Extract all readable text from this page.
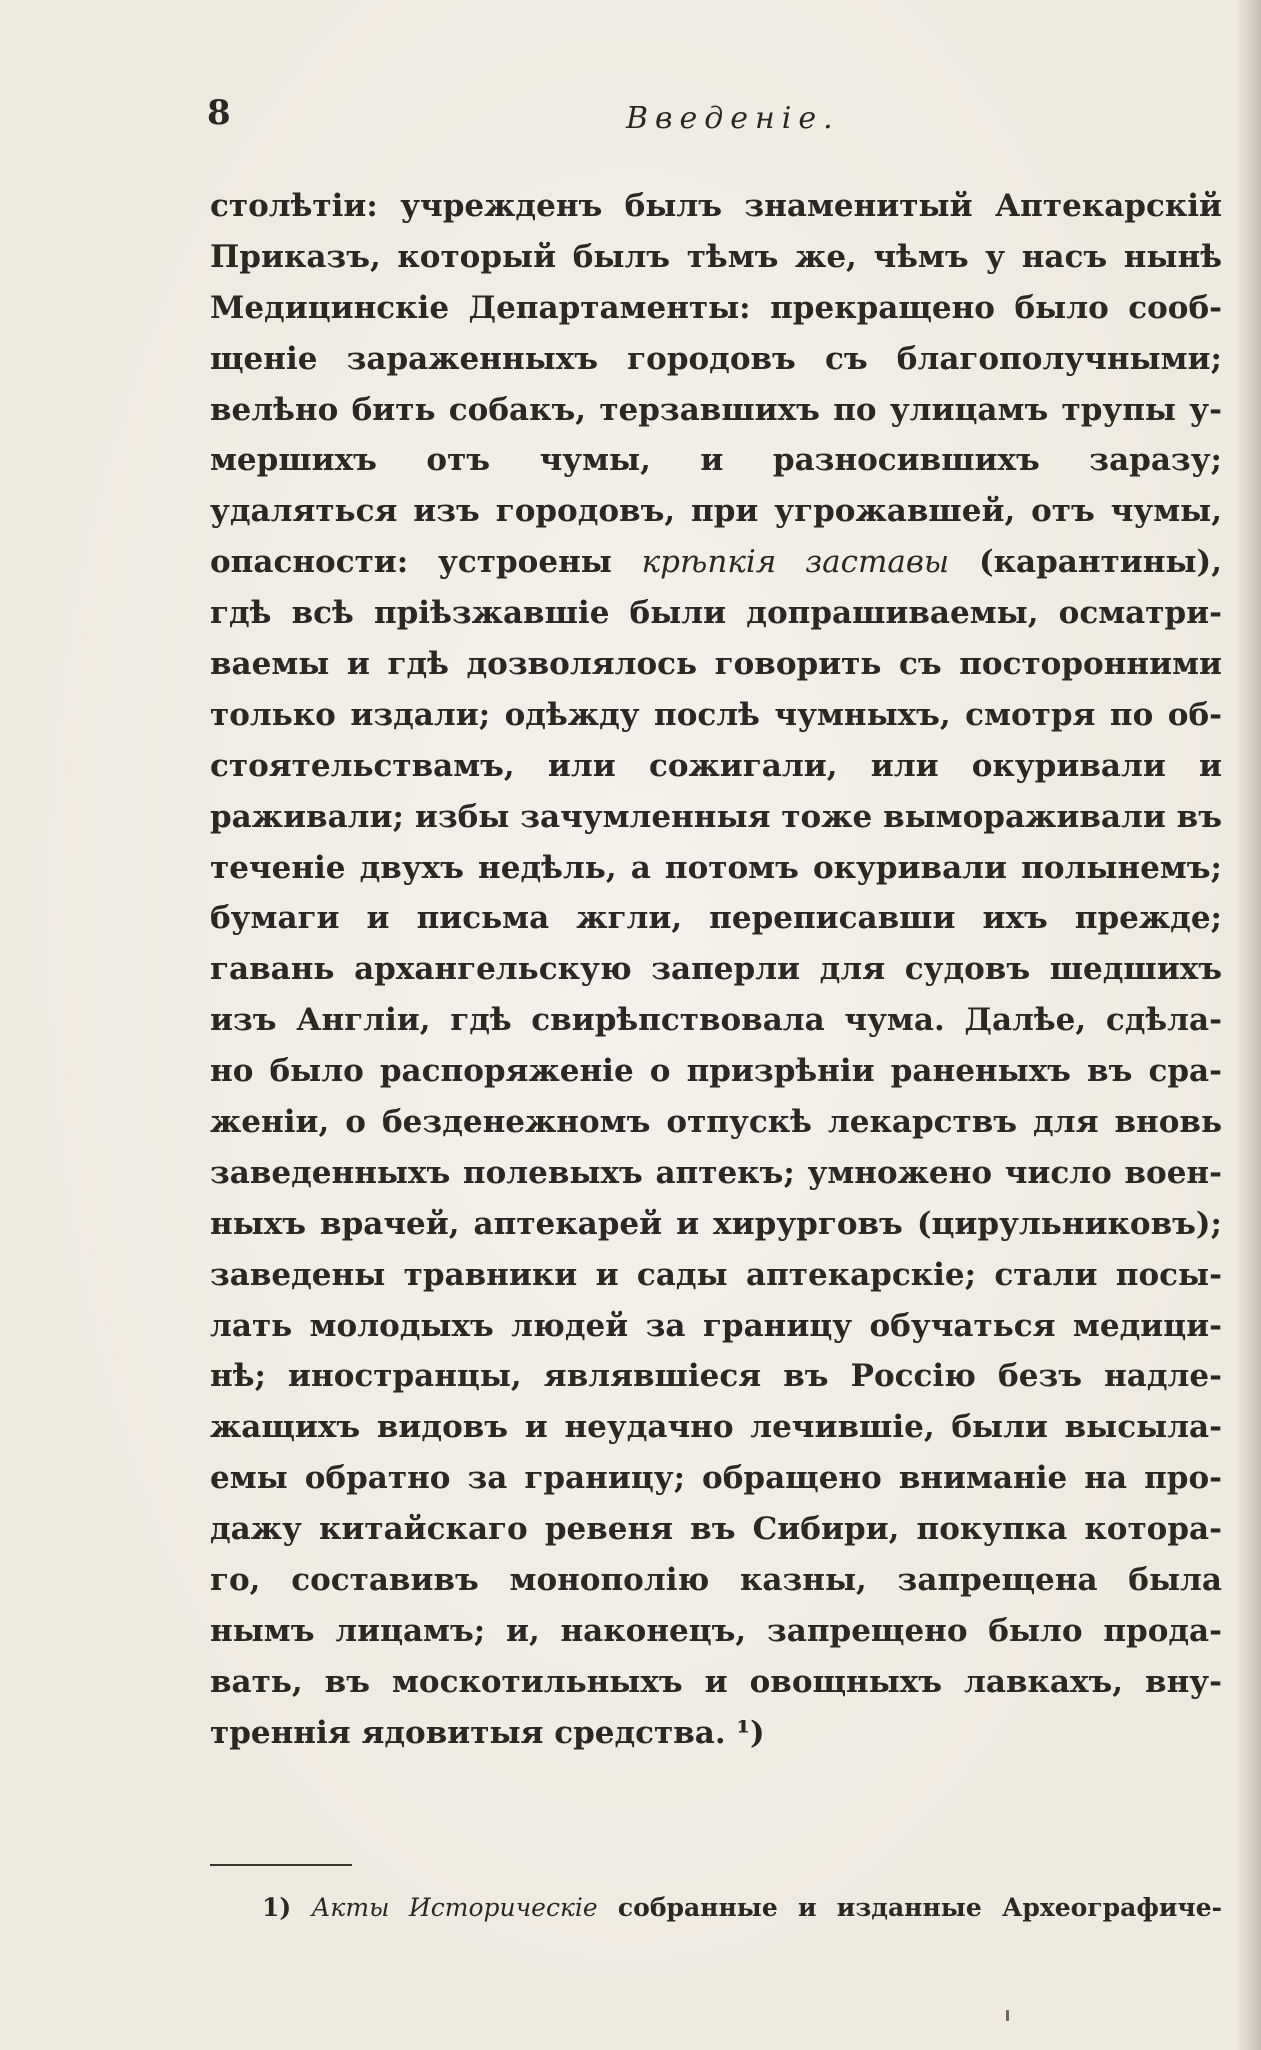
8	Введеніе.
столѣтіи: учрежденъ былъ знаменитый Аптекарскій
Приказъ, который былъ тѣмъ же, чѣмъ у насъ нынѣ
Медицинскіе Департаменты: прекращено было сооб-
щеніе зараженныхъ городовъ съ благополучными;
велѣно бить собакъ, терзавшихъ по улицамъ трупы у-
мершихъ отъ чумы, и разносившихъ заразу;
удаляться изъ городовъ, при угрожавшей, отъ чумы,
опасности: устроены крѣпкія заставы (карантины),
гдѣ всѣ пріѣзжавшіе были допрашиваемы, осматри-
ваемы и гдѣ дозволялось говорить съ посторонними
только издали; одѣжду послѣ чумныхъ, смотря по об-
стоятельствамъ, или сожигали, или окуривали и
раживали; избы зачумленныя тоже вымораживали въ
теченіе двухъ недѣль, а потомъ окуривали полынемъ;
бумаги и письма жгли, переписавши ихъ прежде;
гавань архангельскую заперли для судовъ шедшихъ
изъ Англіи, гдѣ свирѣпствовала чума. Далѣе, сдѣла-
но было распоряженіе о призрѣніи раненыхъ въ сра-
женіи, о безденежномъ отпускѣ лекарствъ для вновь
заведенныхъ полевыхъ аптекъ; умножено число воен-
ныхъ врачей, аптекарей и хирурговъ (цирульниковъ);
заведены травники и сады аптекарскіе; стали посы-
лать молодыхъ людей за границу обучаться медици-
нѣ; иностранцы, являвшіеся въ Россію безъ надле-
жащихъ видовъ и неудачно лечившіе, были высыла-
емы обратно за границу; обращено вниманіе на про-
дажу китайскаго ревеня въ Сибири, покупка котора-
го, составивъ монополію казны, запрещена была
нымъ лицамъ; и, наконецъ, запрещено было прода-
вать, въ москотильныхъ и овощныхъ лавкахъ, вну-
треннія ядовитыя средства. ¹)
1) Акты Историческіе собранные и изданные Археографиче-
